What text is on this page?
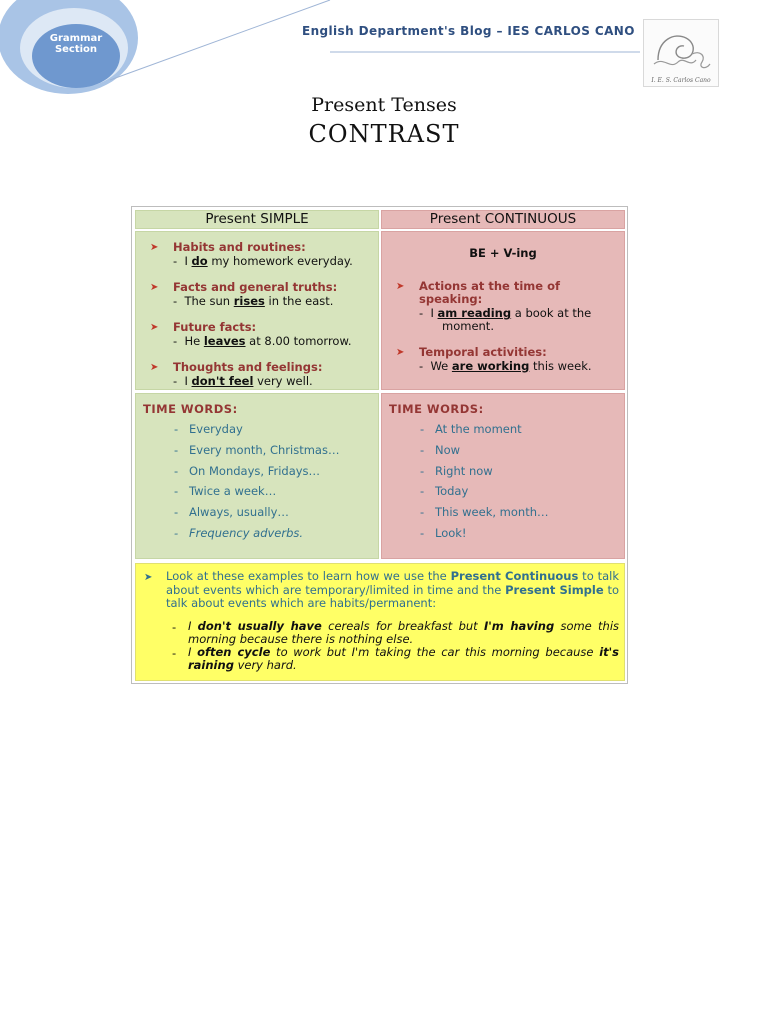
Grammar
Section
English Department's Blog – IES CARLOS CANO
I. E. S. Carlos Cano
Present Tenses
CONTRAST
Present SIMPLE	Present CONTINUOUS
➤ Habits and routines:
-  I do my homework everyday.
➤ Facts and general truths:
-  The sun rises in the east.
➤ Future facts:
-  He leaves at 8.00 tomorrow.
➤ Thoughts and feelings:
-  I don't feel very well.
BE + V-ing
➤ Actions at the time of
speaking:
-  I am reading a book at the
moment.
➤ Temporal activities:
-  We are working this week.
TIME WORDS:
- Everyday
- Every month, Christmas…
- On Mondays, Fridays…
- Twice a week…
- Always, usually…
- Frequency adverbs.
TIME WORDS:
- At the moment
- Now
- Right now
- Today
- This week, month…
- Look!
➤ Look at these examples to learn how we use the Present Continuous to talk about events which are temporary/limited in time and the Present Simple to talk about events which are habits/permanent:
- I don't usually have cereals for breakfast but I'm having some this morning because there is nothing else.
- I often cycle to work but I'm taking the car this morning because it's raining very hard.
